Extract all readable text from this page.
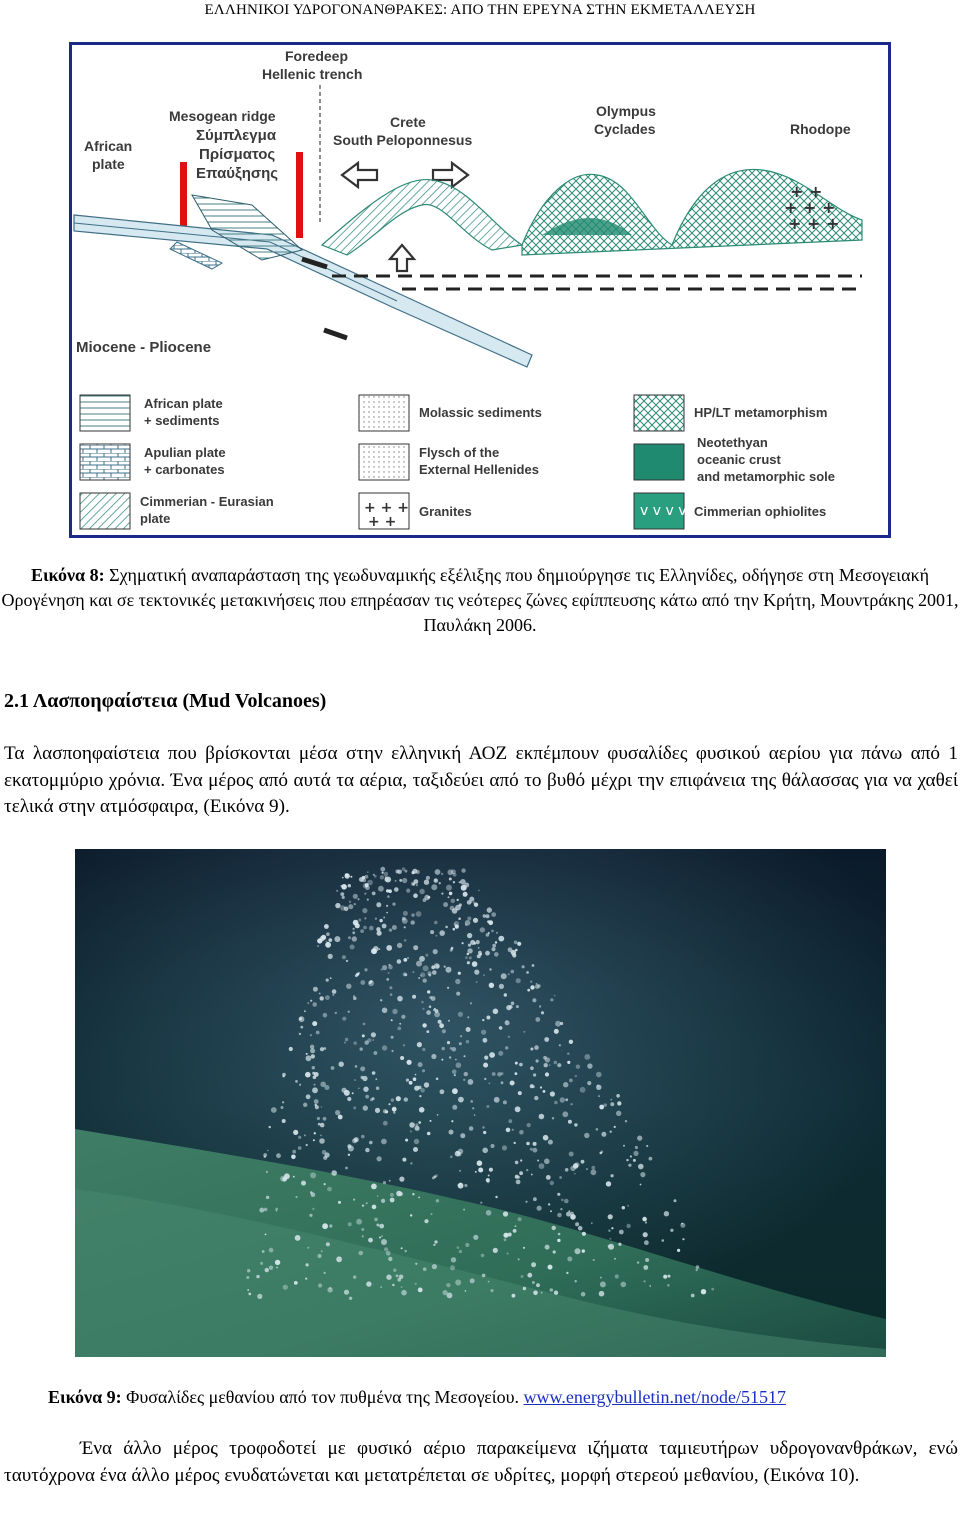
ΕΛΛΗΝΙΚΟΙ ΥΔΡΟΓΟΝΑΝΘΡΑΚΕΣ: ΑΠΟ ΤΗΝ ΕΡΕΥΝΑ ΣΤΗΝ ΕΚΜΕΤΑΛΛΕΥΣΗ
Foredeep
Hellenic trench
African
plate
Mesogean ridge
Σύμπλεγμα
Πρίσματος
Επαύξησης
Crete
South Peloponnesus
Olympus
Cyclades	Rhodope
+ +
+ + +
+ + +
Miocene - Pliocene
+ + +
+ +
v v v v
African plate
+ sediments
Apulian plate
+ carbonates
Cimmerian - Eurasian
plate
Molassic sediments
Flysch of the
External Hellenides
Granites
HP/LT metamorphism
Neotethyan
oceanic crust
and metamorphic sole
Cimmerian ophiolites
Εικόνα 8: Σχηματική αναπαράσταση της γεωδυναμικής εξέλιξης που δημιούργησε τις Ελληνίδες, οδήγησε στη Μεσογειακή Ορογένηση και σε τεκτονικές μετακινήσεις που επηρέασαν τις νεότερες ζώνες εφίππευσης κάτω από την Κρήτη, Μουντράκης 2001, Παυλάκη 2006.
2.1 Λασποηφαίστεια (Mud Volcanoes)
Τα λασποηφαίστεια που βρίσκονται μέσα στην ελληνική ΑΟΖ εκπέμπουν φυσαλίδες φυσικού αερίου για πάνω από 1 εκατομμύριο χρόνια. Ένα μέρος από αυτά τα αέρια, ταξιδεύει από το βυθό μέχρι την επιφάνεια της θάλασσας για να χαθεί τελικά στην ατμόσφαιρα, (Εικόνα 9).
Εικόνα 9: Φυσαλίδες μεθανίου από τον πυθμένα της Μεσογείου. www.energybulletin.net/node/51517
Ένα άλλο μέρος τροφοδοτεί με φυσικό αέριο παρακείμενα ιζήματα ταμιευτήρων υδρογονανθράκων, ενώ ταυτόχρονα ένα άλλο μέρος ενυδατώνεται και μετατρέπεται σε υδρίτες, μορφή στερεού μεθανίου, (Εικόνα 10).
